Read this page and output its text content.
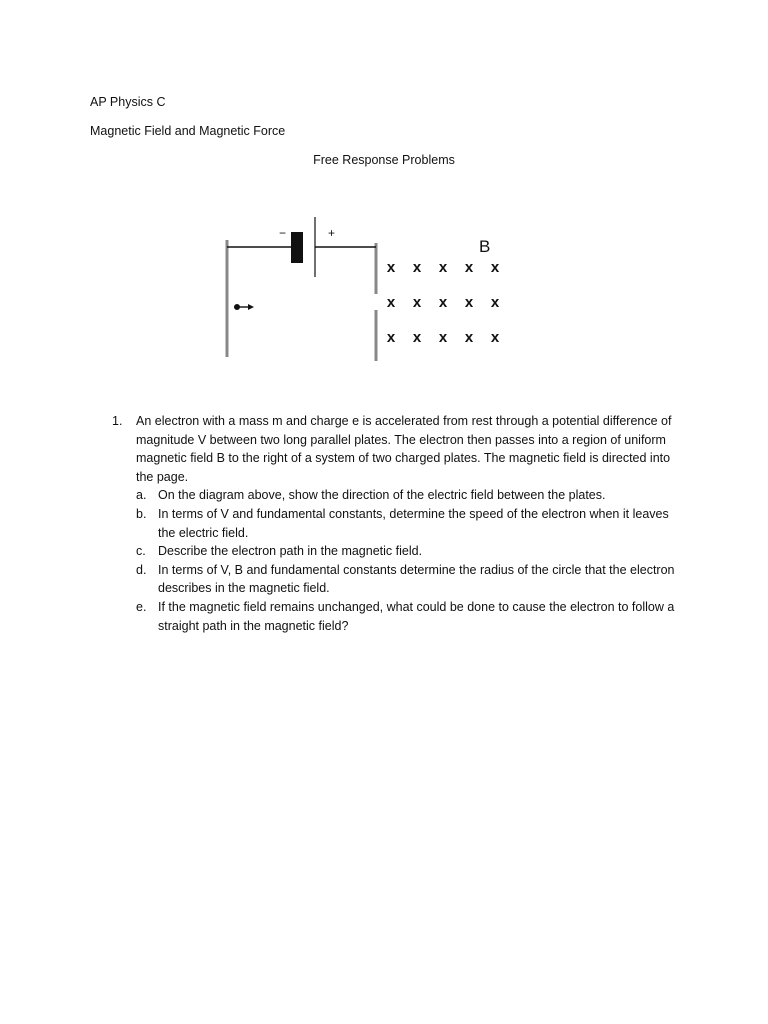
AP Physics C
Magnetic Field and Magnetic Force
Free Response Problems
−	+
B
x x x x x
x x x x x
x x x x x
1. An electron with a mass m and charge e is accelerated from rest through a potential difference of magnitude V between two long parallel plates. The electron then passes into a region of uniform magnetic field B to the right of a system of two charged plates. The magnetic field is directed into the page.

a. On the diagram above, show the direction of the electric field between the plates.
b. In terms of V and fundamental constants, determine the speed of the electron when it leaves the electric field.
c. Describe the electron path in the magnetic field.
d. In terms of V, B and fundamental constants determine the radius of the circle that the electron describes in the magnetic field.
e. If the magnetic field remains unchanged, what could be done to cause the electron to follow a straight path in the magnetic field?
